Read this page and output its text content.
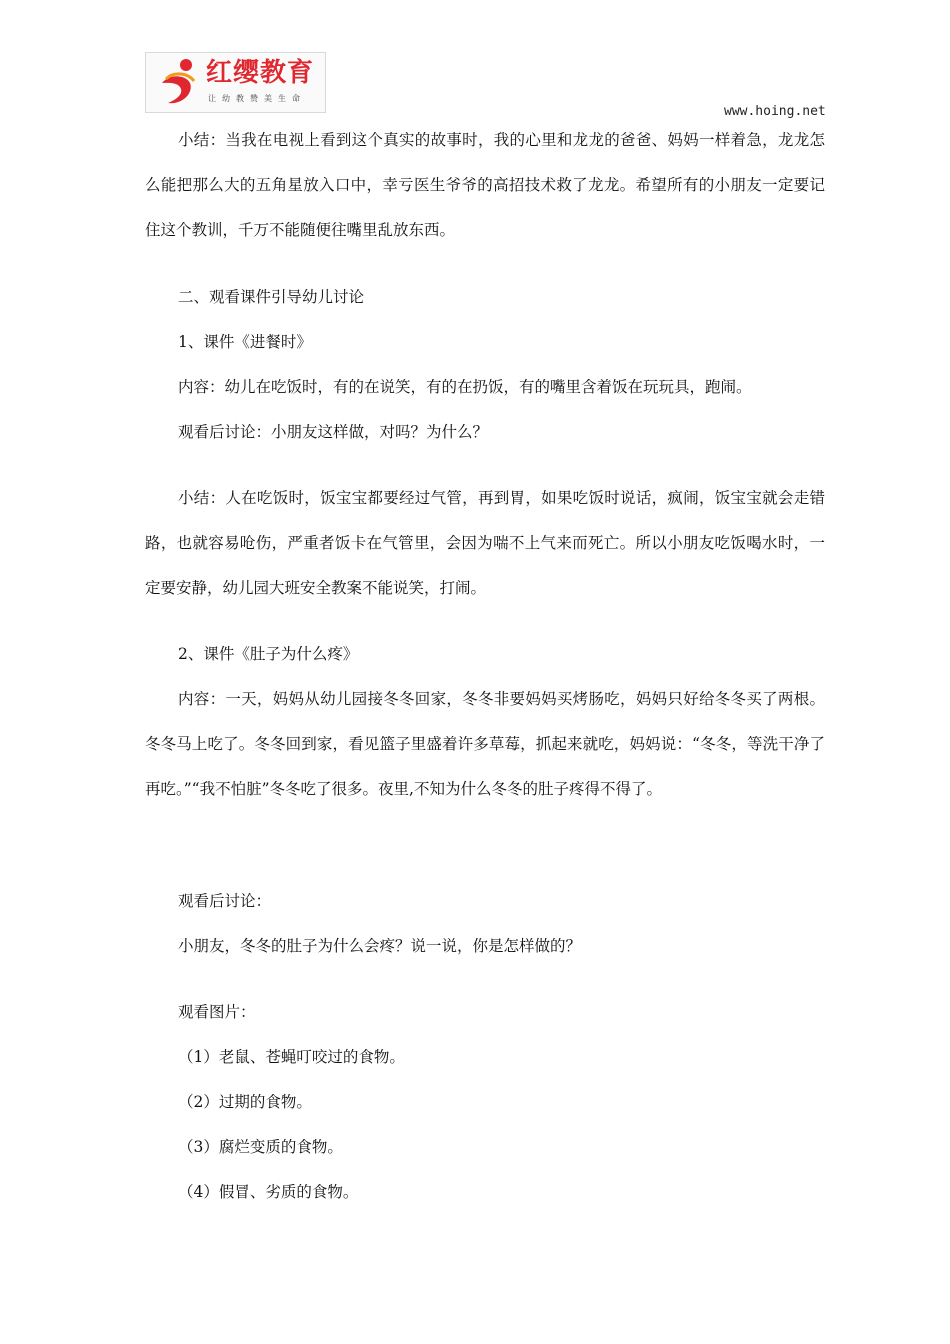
红缨教育
让幼教赞美生命
www.hoing.net

小结：当我在电视上看到这个真实的故事时，我的心里和龙龙的爸爸、妈妈一样着急，龙龙怎么能把那么大的五角星放入口中，幸亏医生爷爷的高招技术救了龙龙。希望所有的小朋友一定要记住这个教训，千万不能随便往嘴里乱放东西。

二、观看课件引导幼儿讨论

1、课件《进餐时》

内容：幼儿在吃饭时，有的在说笑，有的在扔饭，有的嘴里含着饭在玩玩具，跑闹。

观看后讨论：小朋友这样做，对吗？为什么？

小结：人在吃饭时，饭宝宝都要经过气管，再到胃，如果吃饭时说话，疯闹，饭宝宝就会走错路，也就容易呛伤，严重者饭卡在气管里，会因为喘不上气来而死亡。所以小朋友吃饭喝水时，一定要安静，幼儿园大班安全教案不能说笑，打闹。

2、课件《肚子为什么疼》

内容：一天，妈妈从幼儿园接冬冬回家，冬冬非要妈妈买烤肠吃，妈妈只好给冬冬买了两根。冬冬马上吃了。冬冬回到家，看见篮子里盛着许多草莓，抓起来就吃，妈妈说：“冬冬，等洗干净了再吃。”“我不怕脏”冬冬吃了很多。夜里,不知为什么冬冬的肚子疼得不得了。

观看后讨论：

小朋友，冬冬的肚子为什么会疼？说一说，你是怎样做的？

观看图片：

（1）老鼠、苍蝇叮咬过的食物。

（2）过期的食物。

（3）腐烂变质的食物。

（4）假冒、劣质的食物。
